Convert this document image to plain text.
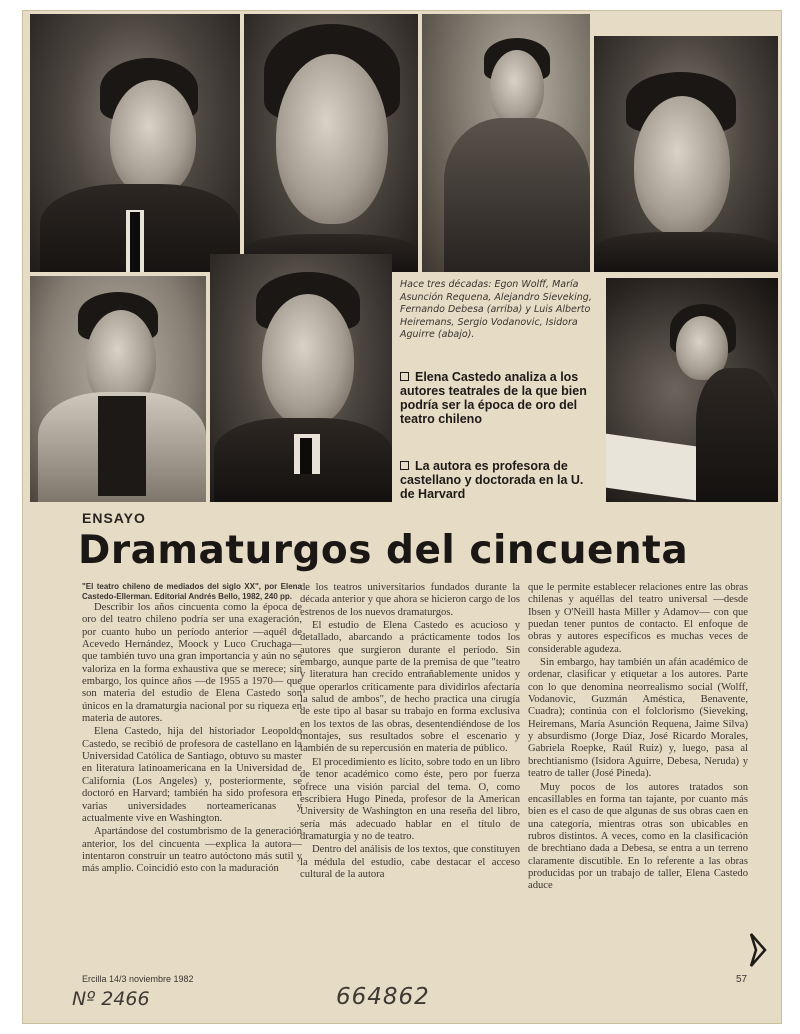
Hace tres décadas: Egon Wolff, María Asunción Requena, Alejandro Sieveking, Fernando Debesa (arriba) y Luis Alberto Heiremans, Sergio Vodanovic, Isidora Aguirre (abajo).
Elena Castedo analiza a los autores teatrales de la que bien podría ser la época de oro del teatro chileno
La autora es profesora de castellano y doctorada en la U. de Harvard
ENSAYO
Dramaturgos del cincuenta

"El teatro chileno de mediados del siglo XX", por Elena Castedo-Ellerman. Editorial Andrés Bello, 1982, 240 pp.

Describir los años cincuenta como la época de oro del teatro chileno podría ser una exageración, por cuanto hubo un período anterior —aquél de Acevedo Hernández, Moock y Luco Cruchaga— que también tuvo una gran importancia y aún no se valoriza en la forma exhaustiva que se merece; sin embargo, los quince años —de 1955 a 1970— que son materia del estudio de Elena Castedo son únicos en la dramaturgia nacional por su riqueza en materia de autores.

Elena Castedo, hija del historiador Leopoldo Castedo, se recibió de profesora de castellano en la Universidad Católica de Santiago, obtuvo su master en literatura latinoamericana en la Universidad de California (Los Angeles) y, posteriormente, se doctoró en Harvard; también ha sido profesora en varias universidades norteamericanas y actualmente vive en Washington.

Apartándose del costumbrismo de la generación anterior, los del cincuenta —explica la autora— intentaron construir un teatro autóctono más sutil y más amplio. Coincidió esto con la maduración

de los teatros universitarios fundados durante la década anterior y que ahora se hicieron cargo de los estrenos de los nuevos dramaturgos.

El estudio de Elena Castedo es acucioso y detallado, abarcando a prácticamente todos los autores que surgieron durante el período. Sin embargo, aunque parte de la premisa de que "teatro y literatura han crecido entrañablemente unidos y que operarlos críticamente para dividirlos afectaría la salud de ambos", de hecho practica una cirugía de este tipo al basar su trabajo en forma exclusiva en los textos de las obras, desentendiéndose de los montajes, sus resultados sobre el escenario y también de su repercusión en materia de público.

El procedimiento es lícito, sobre todo en un libro de tenor académico como éste, pero por fuerza ofrece una visión parcial del tema. O, como escribiera Hugo Pineda, profesor de la American University de Washington en una reseña del libro, sería más adecuado hablar en el título de dramaturgia y no de teatro.

Dentro del análisis de los textos, que constituyen la médula del estudio, cabe destacar el acceso cultural de la autora

que le permite establecer relaciones entre las obras chilenas y aquéllas del teatro universal —desde Ibsen y O'Neill hasta Miller y Adamov— con que puedan tener puntos de contacto. El enfoque de obras y autores específicos es muchas veces de considerable agudeza.

Sin embargo, hay también un afán académico de ordenar, clasificar y etiquetar a los autores. Parte con lo que denomina neorrealismo social (Wolff, Vodanovic, Guzmán Améstica, Benavente, Cuadra); continúa con el folclorismo (Sieveking, Heiremans, María Asunción Requena, Jaime Silva) y absurdismo (Jorge Díaz, José Ricardo Morales, Gabriela Roepke, Raúl Ruiz) y, luego, pasa al brechtianismo (Isidora Aguirre, Debesa, Neruda) y teatro de taller (José Pineda).

Muy pocos de los autores tratados son encasillables en forma tan tajante, por cuanto más bien es el caso de que algunas de sus obras caen en una categoría, mientras otras son ubicables en rubros distintos. A veces, como en la clasificación de brechtiano dada a Debesa, se entra a un terreno claramente discutible. En lo referente a las obras producidas por un trabajo de taller, Elena Castedo aduce

Ercilla 14/3 noviembre 1982	57
Nº 2466	664862
